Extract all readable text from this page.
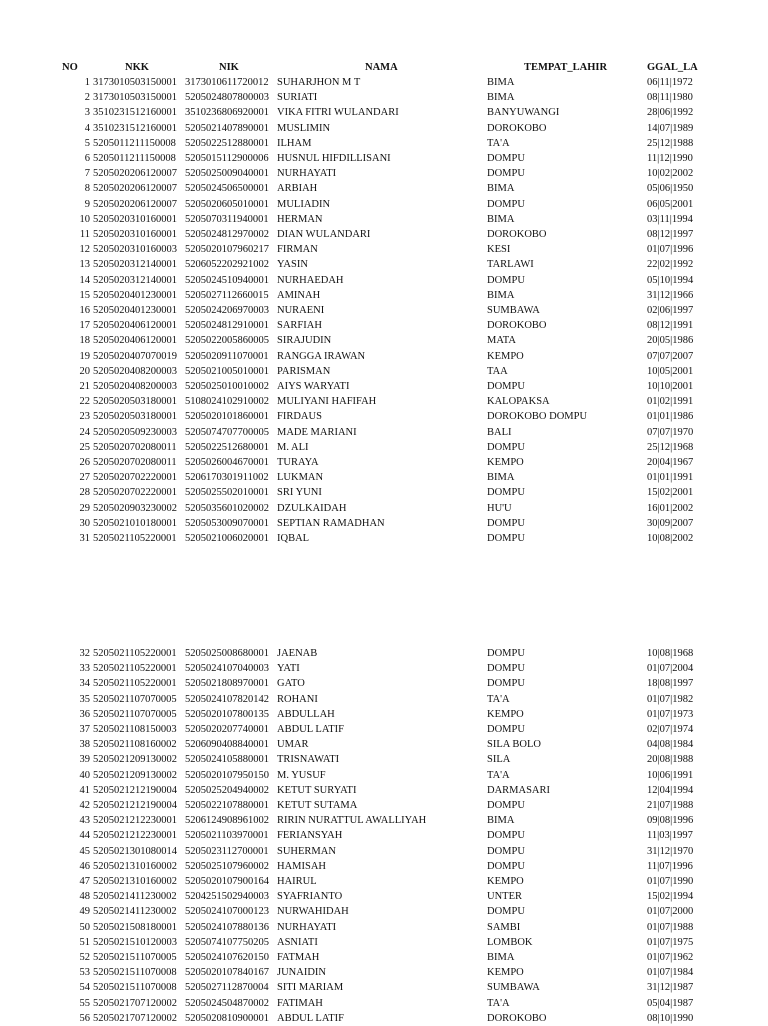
NO	NKK	NIK	NAMA	TEMPAT_LAHIR	GGAL_LA
1 3173010503150001 3173010611720012 SUHARJHON M T	BIMA	06|11|1972
2 3173010503150001 5205024807800003 SURIATI	BIMA	08|11|1980
3 3510231512160001 3510236806920001 VIKA FITRI WULANDARI	BANYUWANGI	28|06|1992
4 3510231512160001 5205021407890001 MUSLIMIN	DOROKOBO	14|07|1989
5 5205011211150008 5205022512880001 ILHAM	TA'A	25|12|1988
6 5205011211150008 5205015112900006 HUSNUL HIFDILLISANI	DOMPU	11|12|1990
7 5205020206120007 5205025009040001 NURHAYATI	DOMPU	10|02|2002
8 5205020206120007 5205024506500001 ARBIAH	BIMA	05|06|1950
9 5205020206120007 5205020605010001 MULIADIN	DOMPU	06|05|2001
10 5205020310160001 5205070311940001 HERMAN	BIMA	03|11|1994
11 5205020310160001 5205024812970002 DIAN WULANDARI	DOROKOBO	08|12|1997
12 5205020310160003 5205020107960217 FIRMAN	KESI	01|07|1996
13 5205020312140001 5206052202921002 YASIN	TARLAWI	22|02|1992
14 5205020312140001 5205024510940001 NURHAEDAH	DOMPU	05|10|1994
15 5205020401230001 5205027112660015 AMINAH	BIMA	31|12|1966
16 5205020401230001 5205024206970003 NURAENI	SUMBAWA	02|06|1997
17 5205020406120001 5205024812910001 SARFIAH	DOROKOBO	08|12|1991
18 5205020406120001 5205022005860005 SIRAJUDIN	MATA	20|05|1986
19 5205020407070019 5205020911070001 RANGGA IRAWAN	KEMPO	07|07|2007
20 5205020408200003 5205021005010001 PARISMAN	TAA	10|05|2001
21 5205020408200003 5205025010010002 AIYS WARYATI	DOMPU	10|10|2001
22 5205020503180001 5108024102910002 MULIYANI HAFIFAH	KALOPAKSA	01|02|1991
23 5205020503180001 5205020101860001 FIRDAUS	DOROKOBO DOMPU	01|01|1986
24 5205020509230003 5205074707700005 MADE MARIANI	BALI	07|07|1970
25 5205020702080011 5205022512680001 M. ALI	DOMPU	25|12|1968
26 5205020702080011 5205026004670001 TURAYA	KEMPO	20|04|1967
27 5205020702220001 5206170301911002 LUKMAN	BIMA	01|01|1991
28 5205020702220001 5205025502010001 SRI YUNI	DOMPU	15|02|2001
29 5205020903230002 5205035601020002 DZULKAIDAH	HU'U	16|01|2002
30 5205021010180001 5205053009070001 SEPTIAN RAMADHAN	DOMPU	30|09|2007
31 5205021105220001 5205021006020001 IQBAL	DOMPU	10|08|2002
32 5205021105220001 5205025008680001 JAENAB	DOMPU	10|08|1968
33 5205021105220001 5205024107040003 YATI	DOMPU	01|07|2004
34 5205021105220001 5205021808970001 GATO	DOMPU	18|08|1997
35 5205021107070005 5205024107820142 ROHANI	TA'A	01|07|1982
36 5205021107070005 5205020107800135 ABDULLAH	KEMPO	01|07|1973
37 5205021108150003 5205020207740001 ABDUL LATIF	DOMPU	02|07|1974
38 5205021108160002 5206090408840001 UMAR	SILA BOLO	04|08|1984
39 5205021209130002 5205024105880001 TRISNAWATI	SILA	20|08|1988
40 5205021209130002 5205020107950150 M. YUSUF	TA'A	10|06|1991
41 5205021212190004 5205025204940002 KETUT SURYATI	DARMASARI	12|04|1994
42 5205021212190004 5205022107880001 KETUT SUTAMA	DOMPU	21|07|1988
43 5205021212230001 5206124908961002 RIRIN NURATTUL AWALLIYAH	BIMA	09|08|1996
44 5205021212230001 5205021103970001 FERIANSYAH	DOMPU	11|03|1997
45 5205021301080014 5205023112700001 SUHERMAN	DOMPU	31|12|1970
46 5205021310160002 5205025107960002 HAMISAH	DOMPU	11|07|1996
47 5205021310160002 5205020107900164 HAIRUL	KEMPO	01|07|1990
48 5205021411230002 5204251502940003 SYAFRIANTO	UNTER	15|02|1994
49 5205021411230002 5205024107000123 NURWAHIDAH	DOMPU	01|07|2000
50 5205021508180001 5205024107880136 NURHAYATI	SAMBI	01|07|1988
51 5205021510120003 5205074107750205 ASNIATI	LOMBOK	01|07|1975
52 5205021511070005 5205024107620150 FATMAH	BIMA	01|07|1962
53 5205021511070008 5205020107840167 JUNAIDIN	KEMPO	01|07|1984
54 5205021511070008 5205027112870004 SITI MARIAM	SUMBAWA	31|12|1987
55 5205021707120002 5205024504870002 FATIMAH	TA'A	05|04|1987
56 5205021707120002 5205020810900001 ABDUL LATIF	DOROKOBO	08|10|1990
